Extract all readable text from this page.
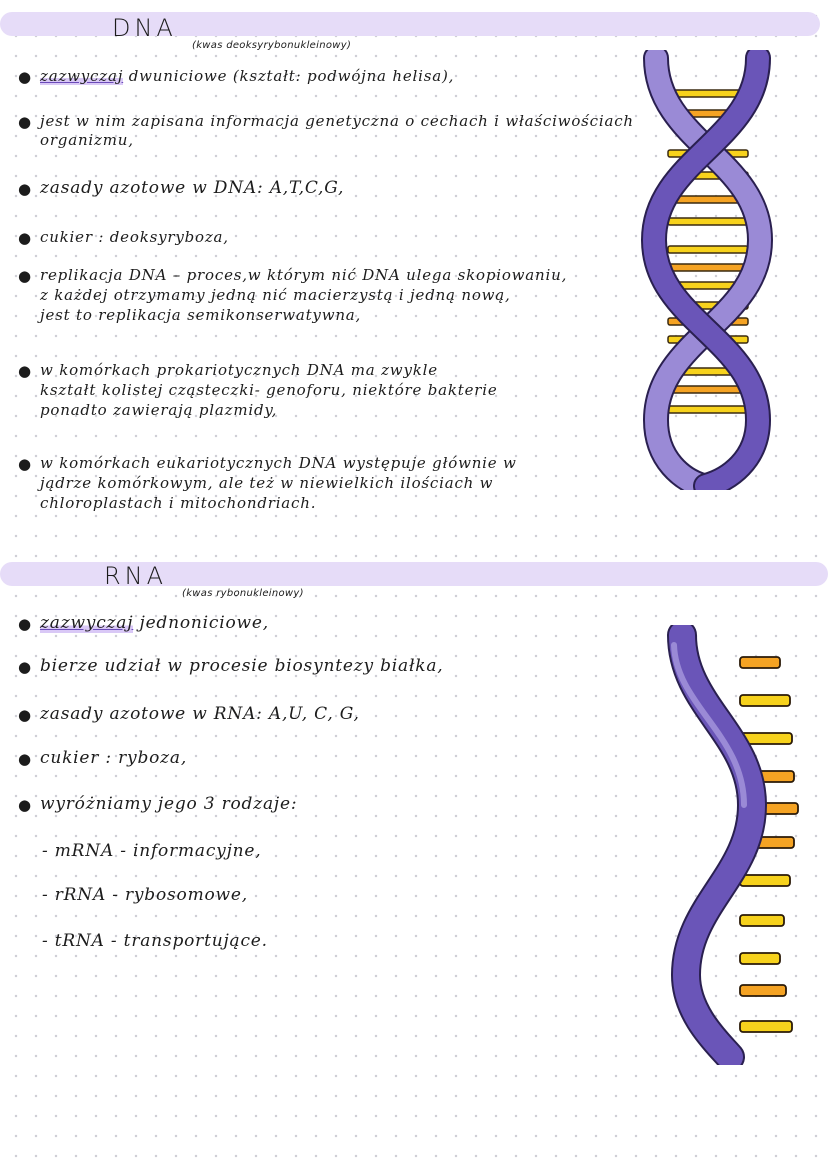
DNA
(kwas deoksyrybonukleinowy)
● zazwyczaj dwuniciowe (kształt: podwójna helisa),
● jest w nim zapisana informacja genetyczna o cechach i właściwościach
organizmu,
● zasady azotowe w DNA: A,T,C,G,
● cukier : deoksyryboza,
● replikacja DNA – proces,w którym nić DNA ulega skopiowaniu,
z każdej otrzymamy jedną nić macierzystą i jedną nową,
jest to replikacja semikonserwatywna,
● w komórkach prokariotycznych DNA ma zwykle
kształt kolistej cząsteczki- genoforu, niektóre bakterie
ponadto zawierają plazmidy,
● w komórkach eukariotycznych DNA występuje głównie w
jądrze komórkowym, ale też w niewielkich ilościach w
chloroplastach i mitochondriach.
RNA
(kwas rybonukleinowy)
● zazwyczaj jednoniciowe,
● bierze udział w procesie biosyntezy białka,
● zasady azotowe w RNA: A,U, C, G,
● cukier : ryboza,
● wyróżniamy jego 3 rodzaje:
- mRNA - informacyjne,
- rRNA - rybosomowe,
- tRNA - transportujące.
